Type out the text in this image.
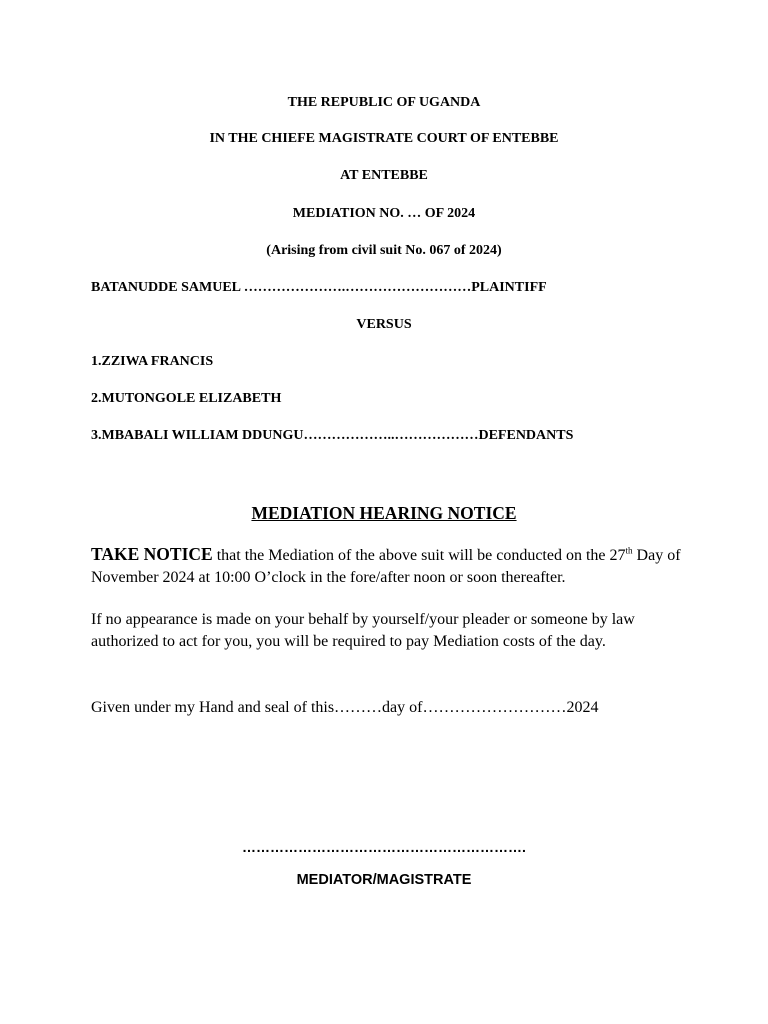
THE REPUBLIC OF UGANDA
IN THE CHIEFE MAGISTRATE COURT OF ENTEBBE
AT ENTEBBE
MEDIATION NO. … OF 2024
(Arising from civil suit No. 067 of 2024)
BATANUDDE SAMUEL ………………….………………………PLAINTIFF
VERSUS
1.ZZIWA FRANCIS
2.MUTONGOLE ELIZABETH
3.MBABALI WILLIAM DDUNGU………………..………………DEFENDANTS
MEDIATION HEARING NOTICE
TAKE NOTICE that the Mediation of the above suit will be conducted on the 27th Day of November 2024 at 10:00 O’clock in the fore/after noon or soon thereafter.
If no appearance is made on your behalf by yourself/your pleader or someone by law authorized to act for you, you will be required to pay Mediation costs of the day.
Given under my Hand and seal of this………day of………………………2024
…………………………………………………….
MEDIATOR/MAGISTRATE
